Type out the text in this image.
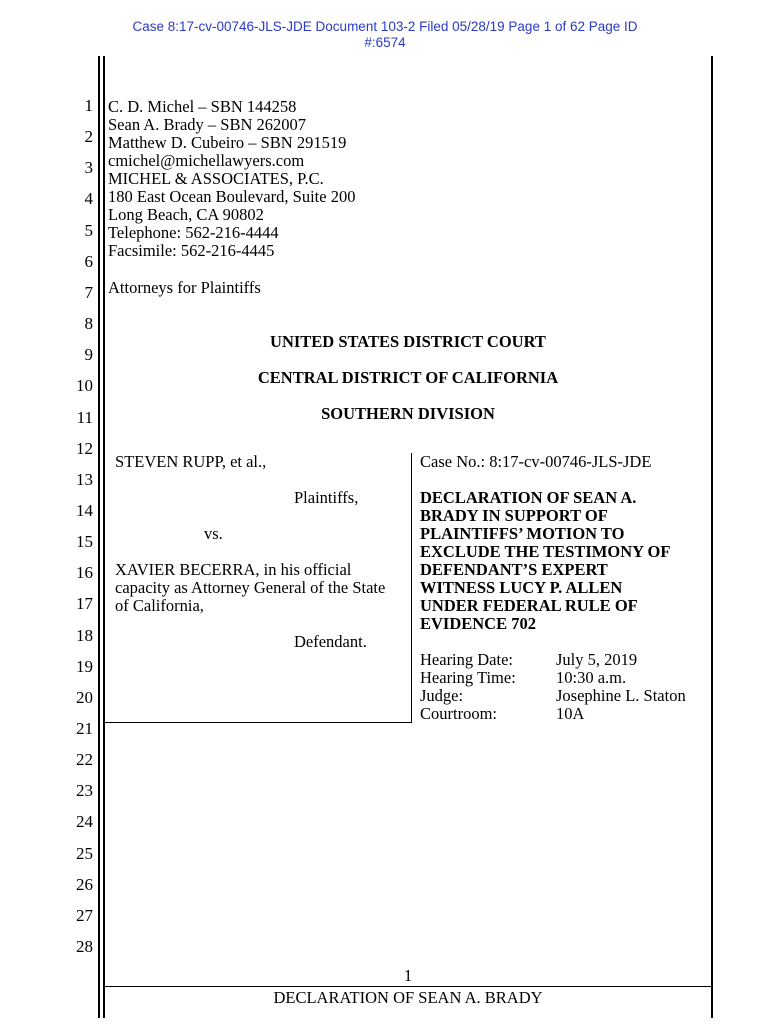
Case 8:17-cv-00746-JLS-JDE Document 103-2 Filed 05/28/19 Page 1 of 62 Page ID
#:6574
1
2
3
4
5
6
7
8
9
10
11
12
13
14
15
16
17
18
19
20
21
22
23
24
25
26
27
28
C. D. Michel – SBN 144258
Sean A. Brady – SBN 262007
Matthew D. Cubeiro – SBN 291519
cmichel@michellawyers.com
MICHEL & ASSOCIATES, P.C.
180 East Ocean Boulevard, Suite 200
Long Beach, CA 90802
Telephone: 562-216-4444
Facsimile: 562-216-4445
Attorneys for Plaintiffs
UNITED STATES DISTRICT COURT
CENTRAL DISTRICT OF CALIFORNIA
SOUTHERN DIVISION
STEVEN RUPP, et al.,
Plaintiffs,
vs.
XAVIER BECERRA, in his official
capacity as Attorney General of the State
of California,
Defendant.
Case No.: 8:17-cv-00746-JLS-JDE
DECLARATION OF SEAN A.
BRADY IN SUPPORT OF
PLAINTIFFS’ MOTION TO
EXCLUDE THE TESTIMONY OF
DEFENDANT’S EXPERT
WITNESS LUCY P. ALLEN
UNDER FEDERAL RULE OF
EVIDENCE 702
Hearing Date:
Hearing Time:
Judge:
Courtroom:
July 5, 2019
10:30 a.m.
Josephine L. Staton
10A
1
DECLARATION OF SEAN A. BRADY
